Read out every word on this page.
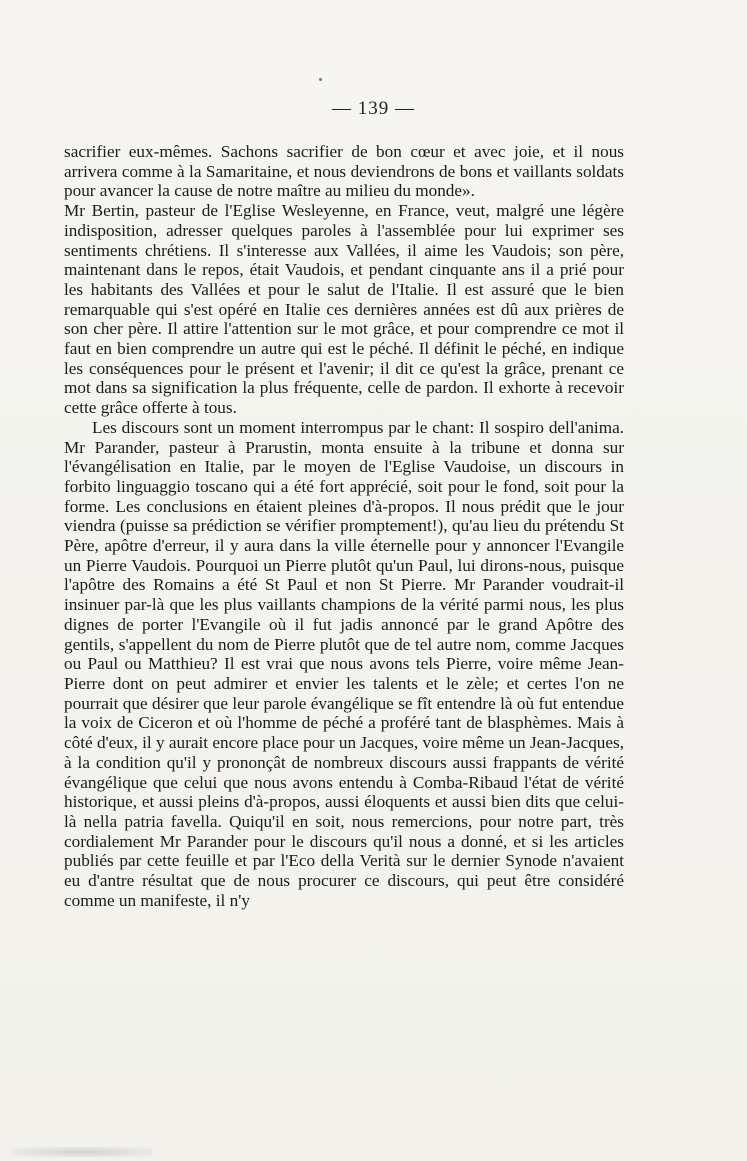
— 139 —

sacrifier eux-mêmes. Sachons sacrifier de bon cœur et avec joie, et il nous arrivera comme à la Samaritaine, et nous deviendrons de bons et vaillants soldats pour avancer la cause de notre maître au milieu du monde».

Mr Bertin, pasteur de l'Eglise Wesleyenne, en France, veut, malgré une légère indisposition, adresser quelques paroles à l'assemblée pour lui exprimer ses sentiments chrétiens. Il s'interesse aux Vallées, il aime les Vaudois; son père, maintenant dans le repos, était Vaudois, et pendant cinquante ans il a prié pour les habitants des Vallées et pour le salut de l'Italie. Il est assuré que le bien remarquable qui s'est opéré en Italie ces dernières années est dû aux prières de son cher père. Il attire l'attention sur le mot grâce, et pour comprendre ce mot il faut en bien comprendre un autre qui est le péché. Il définit le péché, en indique les conséquences pour le présent et l'avenir; il dit ce qu'est la grâce, prenant ce mot dans sa signification la plus fréquente, celle de pardon. Il exhorte à recevoir cette grâce offerte à tous.

Les discours sont un moment interrompus par le chant: Il sospiro dell'anima. Mr Parander, pasteur à Prarustin, monta ensuite à la tribune et donna sur l'évangélisation en Italie, par le moyen de l'Eglise Vaudoise, un discours in forbito linguaggio toscano qui a été fort apprécié, soit pour le fond, soit pour la forme. Les conclusions en étaient pleines d'à-propos. Il nous prédit que le jour viendra (puisse sa prédiction se vérifier promptement!), qu'au lieu du prétendu St Père, apôtre d'erreur, il y aura dans la ville éternelle pour y annoncer l'Evangile un Pierre Vaudois. Pourquoi un Pierre plutôt qu'un Paul, lui dirons-nous, puisque l'apôtre des Romains a été St Paul et non St Pierre. Mr Parander voudrait-il insinuer par-là que les plus vaillants champions de la vérité parmi nous, les plus dignes de porter l'Evangile où il fut jadis annoncé par le grand Apôtre des gentils, s'appellent du nom de Pierre plutôt que de tel autre nom, comme Jacques ou Paul ou Matthieu? Il est vrai que nous avons tels Pierre, voire même Jean-Pierre dont on peut admirer et envier les talents et le zèle; et certes l'on ne pourrait que désirer que leur parole évangélique se fît entendre là où fut entendue la voix de Ciceron et où l'homme de péché a proféré tant de blasphèmes. Mais à côté d'eux, il y aurait encore place pour un Jacques, voire même un Jean-Jacques, à la condition qu'il y prononçât de nombreux discours aussi frappants de vérité évangélique que celui que nous avons entendu à Comba-Ribaud l'état de vérité historique, et aussi pleins d'à-propos, aussi éloquents et aussi bien dits que celui-là nella patria favella. Quiqu'il en soit, nous remercions, pour notre part, très cordialement Mr Parander pour le discours qu'il nous a donné, et si les articles publiés par cette feuille et par l'Eco della Verità sur le dernier Synode n'avaient eu d'antre résultat que de nous procurer ce discours, qui peut être considéré comme un manifeste, il n'y
